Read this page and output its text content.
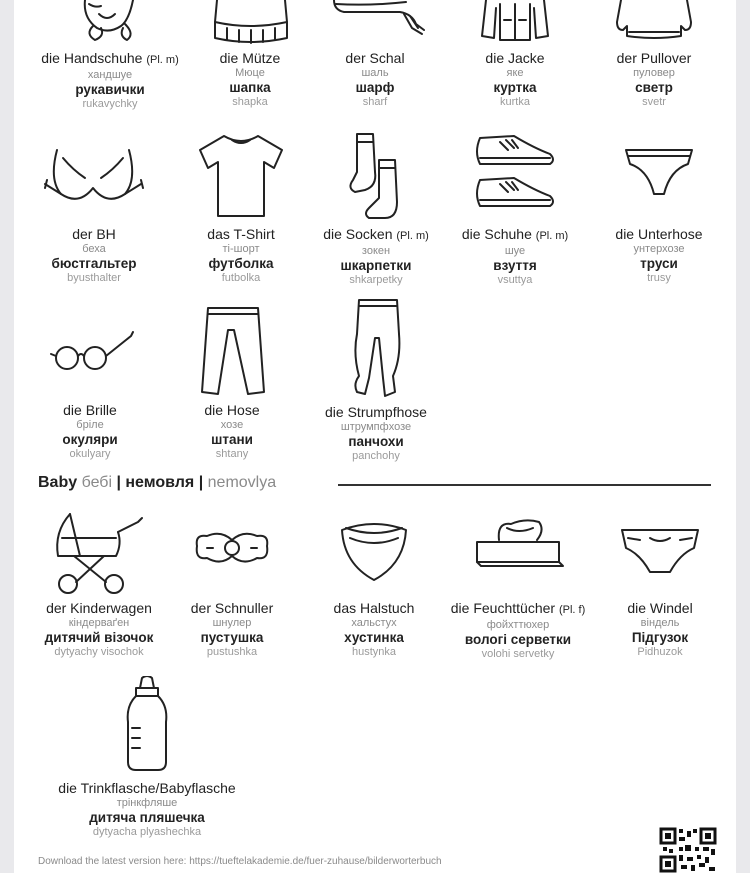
die Handschuhe (Pl. m)
хандшуе
рукавички
rukavychky
die Mütze
Мюце
шапка
shapka
der Schal
шаль
шарф
sharf
die Jacke
яке
куртка
kurtka
der Pullover
пуловер
светр
svetr
der BH
беха
бюстгальтер
byusthalter
das T-Shirt
ті-шорт
футболка
futbolka
die Socken (Pl. m)
зокен
шкарпетки
shkarpetky
die Schuhe (Pl. m)
шуе
взуття
vsuttya
die Unterhose
унтерхозе
труси
trusy
die Brille
бріле
окуляри
okulyary
die Hose
хозе
штани
shtany
die Strumpfhose
штрумпфхозе
панчохи
panchohy
Baby бебі | немовля | nemovlya
der Kinderwagen
кіндерваґен
дитячий візочок
dytyachy visochok
der Schnuller
шнулер
пустушка
pustushka
das Halstuch
хальстух
хустинка
hustynka
die Feuchttücher (Pl. f)
фойхттюхер
вологі серветки
volohi servetky
die Windel
віндель
Підгузок
Pidhuzok
die Trinkflasche/Babyflasche
трінкфляше
дитяча пляшечка
dytyacha plyashechka
Download the latest version here: https://tueftelakademie.de/fuer-zuhause/bilderworterbuch
